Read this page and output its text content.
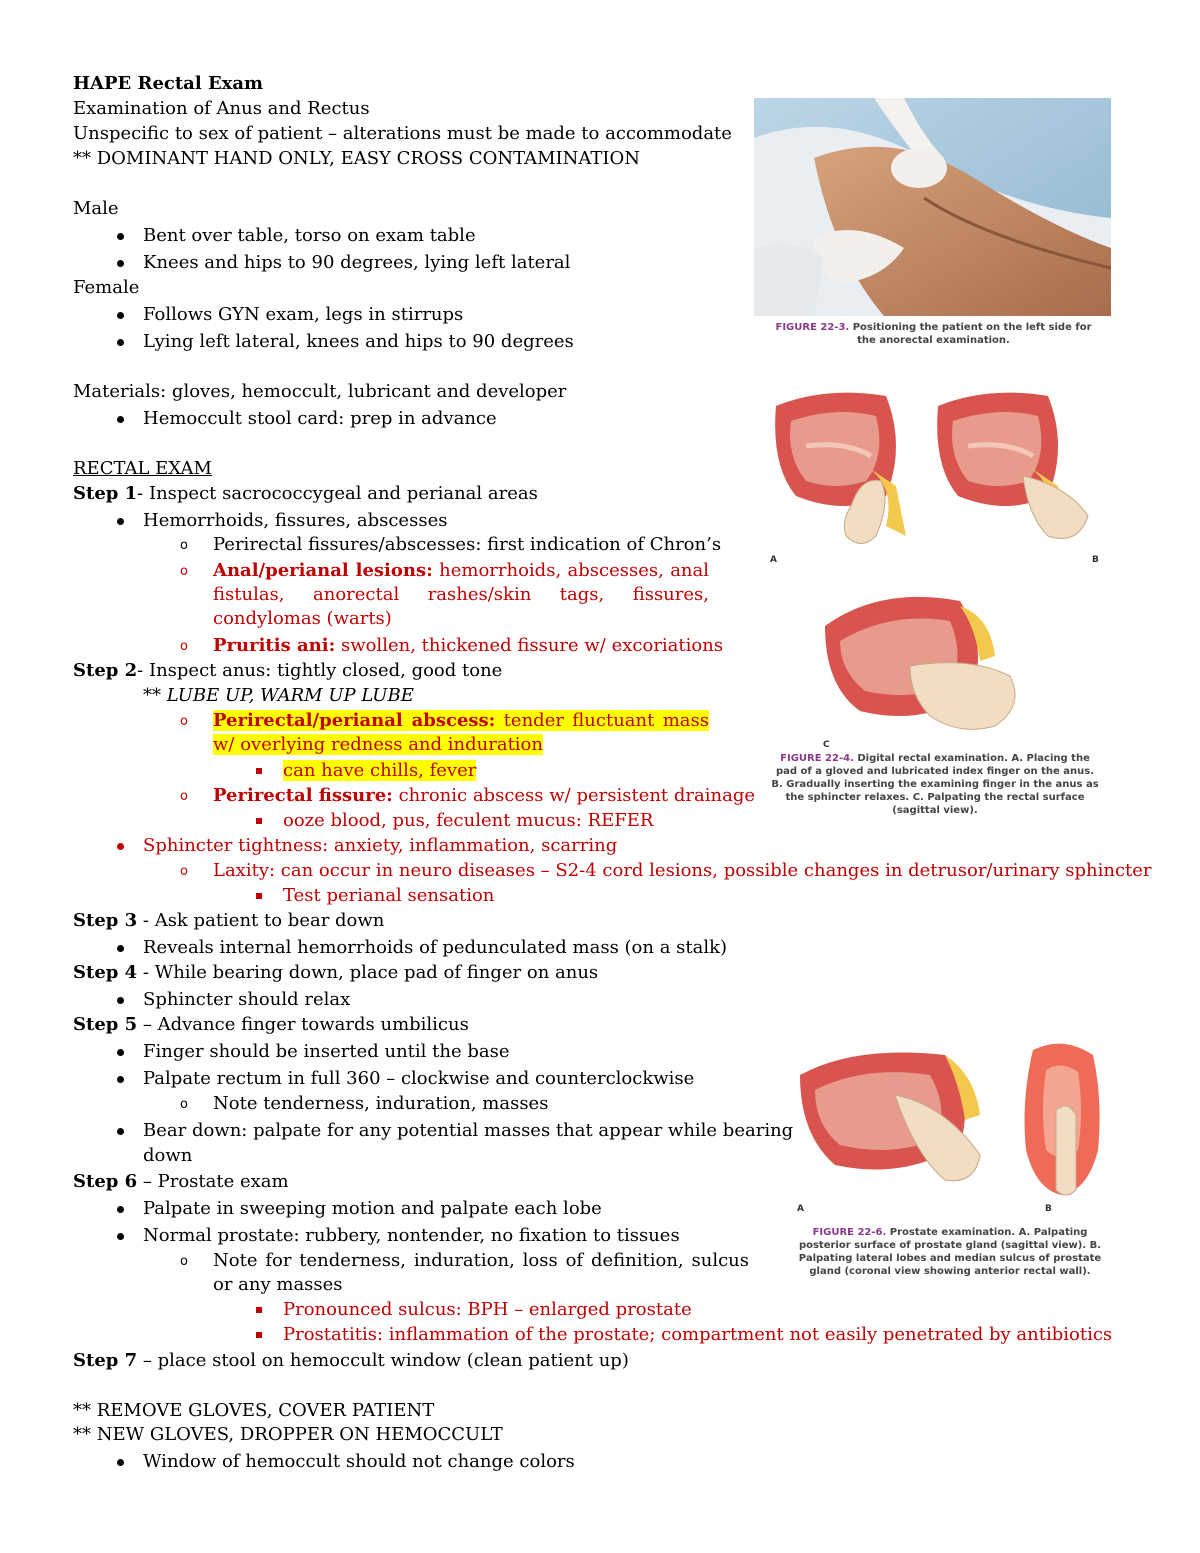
HAPE Rectal Exam
Examination of Anus and Rectus
Unspecific to sex of patient – alterations must be made to accommodate
** DOMINANT HAND ONLY, EASY CROSS CONTAMINATION
Male
Bent over table, torso on exam table
Knees and hips to 90 degrees, lying left lateral
Female
Follows GYN exam, legs in stirrups
Lying left lateral, knees and hips to 90 degrees
Materials: gloves, hemoccult, lubricant and developer
Hemoccult stool card: prep in advance
RECTAL EXAM
Step 1- Inspect sacrococcygeal and perianal areas
Hemorrhoids, fissures, abscesses
o Perirectal fissures/abscesses: first indication of Chron’s
o Anal/perianal lesions: hemorrhoids, abscesses, anal fistulas, anorectal rashes/skin tags, fissures, condylomas (warts)
o Pruritis ani: swollen, thickened fissure w/ excoriations
Step 2- Inspect anus: tightly closed, good tone
** LUBE UP, WARM UP LUBE
o Perirectal/perianal abscess: tender fluctuant mass w/ overlying redness and induration
can have chills, fever
o Perirectal fissure: chronic abscess w/ persistent drainage
ooze blood, pus, feculent mucus: REFER
Sphincter tightness: anxiety, inflammation, scarring
o Laxity: can occur in neuro diseases – S2-4 cord lesions, possible changes in detrusor/urinary sphincter
Test perianal sensation
Step 3 - Ask patient to bear down
Reveals internal hemorrhoids of pedunculated mass (on a stalk)
Step 4 - While bearing down, place pad of finger on anus
Sphincter should relax
Step 5 – Advance finger towards umbilicus
Finger should be inserted until the base
Palpate rectum in full 360 – clockwise and counterclockwise
o Note tenderness, induration, masses
Bear down: palpate for any potential masses that appear while bearing
down
Step 6 – Prostate exam
Palpate in sweeping motion and palpate each lobe
Normal prostate: rubbery, nontender, no fixation to tissues
o Note for tenderness, induration, loss of definition, sulcus or any masses
Pronounced sulcus: BPH – enlarged prostate
Prostatitis: inflammation of the prostate; compartment not easily penetrated by antibiotics
Step 7 – place stool on hemoccult window (clean patient up)
** REMOVE GLOVES, COVER PATIENT
** NEW GLOVES, DROPPER ON HEMOCCULT
Window of hemoccult should not change colors
FIGURE 22-3. Positioning the patient on the left side for the anorectal examination.
A	B
C
FIGURE 22-4. Digital rectal examination. A. Placing the pad of a gloved and lubricated index finger on the anus. B. Gradually inserting the examining finger in the anus as the sphincter relaxes. C. Palpating the rectal surface (sagittal view).
A	B
FIGURE 22-6. Prostate examination. A. Palpating posterior surface of prostate gland (sagittal view). B. Palpating lateral lobes and median sulcus of prostate gland (coronal view showing anterior rectal wall).
